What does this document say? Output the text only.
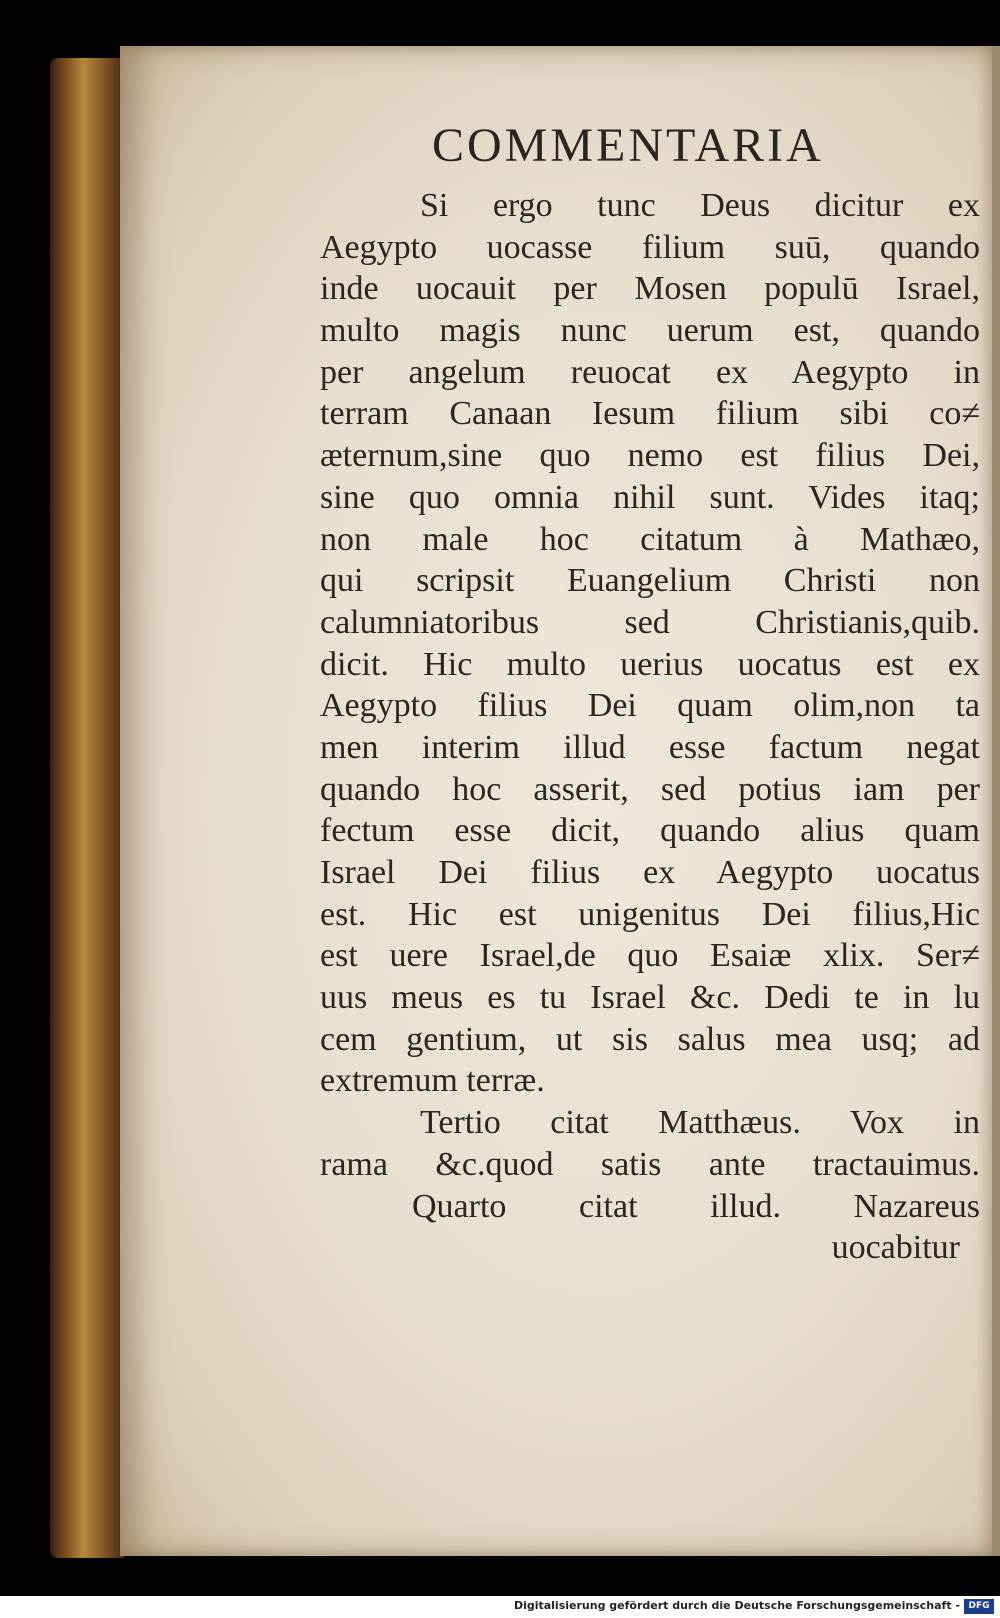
COMMENTARIA
Si ergo tunc Deus dicitur ex
Aegypto uocasse filium suū, quando
inde uocauit per Mosen populū Israel,
multo magis nunc uerum est, quando
per angelum reuocat ex Aegypto in
terram Canaan Iesum filium sibi co≠
æternum,sine quo nemo est filius Dei,
sine quo omnia nihil sunt. Vides itaq;
non male hoc citatum à Mathæo,
qui scripsit Euangelium Christi non
calumniatoribus sed Christianis,quib.
dicit. Hic multo uerius uocatus est ex
Aegypto filius Dei quam olim,non ta
men interim illud esse factum negat
quando hoc asserit, sed potius iam per
fectum esse dicit, quando alius quam
Israel Dei filius ex Aegypto uocatus
est. Hic est unigenitus Dei filius,Hic
est uere Israel,de quo Esaiæ xlix. Ser≠
uus meus es tu Israel &c. Dedi te in lu
cem gentium, ut sis salus mea usq; ad
extremum terræ.
Tertio citat Matthæus. Vox in
rama &c.quod satis ante tractauimus.
Quarto citat illud. Nazareus
uocabitur
Digitalisierung gefördert durch die Deutsche Forschungsgemeinschaft - DFG
